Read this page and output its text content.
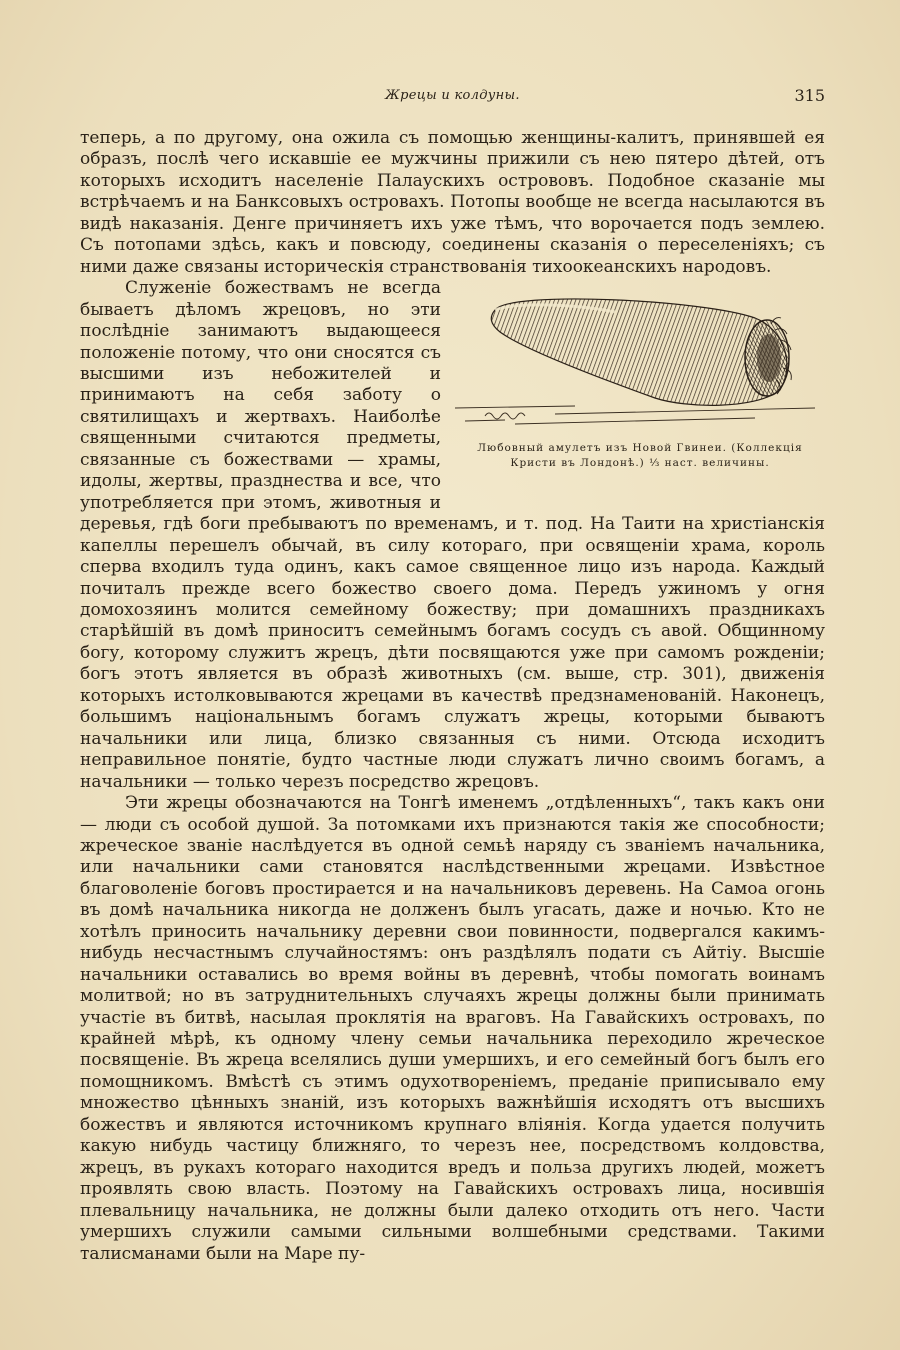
Жрецы и колдуны.	315

теперь, а по другому, она ожила съ помощью женщины-калитъ, принявшей ея образъ, послѣ чего искавшіе ее мужчины прижили съ нею пятеро дѣтей, отъ которыхъ исходитъ населеніе Палаускихъ острововъ. Подобное сказаніе мы встрѣчаемъ и на Банксовыхъ островахъ. Потопы вообще не всегда насылаются въ видѣ наказанія. Денге причиняетъ ихъ уже тѣмъ, что ворочается подъ землею. Съ потопами здѣсь, какъ и повсюду, соединены сказанія о переселеніяхъ; съ ними даже связаны историческія странствованія тихоокеанскихъ народовъ.

Любовный амулетъ изъ Новой Гвинеи. (Коллекція Кристи въ Лондонѣ.) ⅓ наст. величины.

Служеніе божествамъ не всегда бываетъ дѣломъ жрецовъ, но эти послѣдніе занимаютъ выдающееся положеніе потому, что они сносятся съ высшими изъ небожителей и принимаютъ на себя заботу о святилищахъ и жертвахъ. Наиболѣе священными считаются предметы, связанные съ божествами — храмы, идолы, жертвы, празднества и все, что употребляется при этомъ, животныя и деревья, гдѣ боги пребываютъ по временамъ, и т. под. На Таити на христіанскія капеллы перешелъ обычай, въ силу котораго, при освященіи храма, король сперва входилъ туда одинъ, какъ самое священное лицо изъ народа. Каждый почиталъ прежде всего божество своего дома. Передъ ужиномъ у огня домохозяинъ молится семейному божеству; при домашнихъ праздникахъ старѣйшій въ домѣ приноситъ семейнымъ богамъ сосудъ съ авой. Общинному богу, которому служитъ жрецъ, дѣти посвящаются уже при самомъ рожденіи; богъ этотъ является въ образѣ животныхъ (см. выше, стр. 301), движенія которыхъ истолковываются жрецами въ качествѣ предзнаменованій. Наконецъ, большимъ національнымъ богамъ служатъ жрецы, которыми бываютъ начальники или лица, близко связанныя съ ними. Отсюда исходитъ неправильное понятіе, будто частные люди служатъ лично своимъ богамъ, а начальники — только черезъ посредство жрецовъ.

Эти жрецы обозначаются на Тонгѣ именемъ „отдѣленныхъ“, такъ какъ они — люди съ особой душой. За потомками ихъ признаются такія же способности; жреческое званіе наслѣдуется въ одной семьѣ наряду съ званіемъ начальника, или начальники сами становятся наслѣдственными жрецами. Извѣстное благоволеніе боговъ простирается и на начальниковъ деревень. На Самоа огонь въ домѣ начальника никогда не долженъ былъ угасать, даже и ночью. Кто не хотѣлъ приносить начальнику деревни свои повинности, подвергался какимъ-нибудь несчастнымъ случайностямъ: онъ раздѣлялъ подати съ Айтіу. Высшіе начальники оставались во время войны въ деревнѣ, чтобы помогать воинамъ молитвой; но въ затруднительныхъ случаяхъ жрецы должны были принимать участіе въ битвѣ, насылая проклятія на враговъ. На Гавайскихъ островахъ, по крайней мѣрѣ, къ одному члену семьи начальника переходило жреческое посвященіе. Въ жреца вселялись души умершихъ, и его семейный богъ былъ его помощникомъ. Вмѣстѣ съ этимъ одухотвореніемъ, преданіе приписывало ему множество цѣнныхъ знаній, изъ которыхъ важнѣйшія исходятъ отъ высшихъ божествъ и являются источникомъ крупнаго вліянія. Когда удается получить какую нибудь частицу ближняго, то черезъ нее, посредствомъ колдовства, жрецъ, въ рукахъ котораго находится вредъ и польза другихъ людей, можетъ проявлять свою власть. Поэтому на Гавайскихъ островахъ лица, носившія плевальницу начальника, не должны были далеко отходить отъ него. Части умершихъ служили самыми сильными волшебными средствами. Такими талисманами были на Маре пу-
